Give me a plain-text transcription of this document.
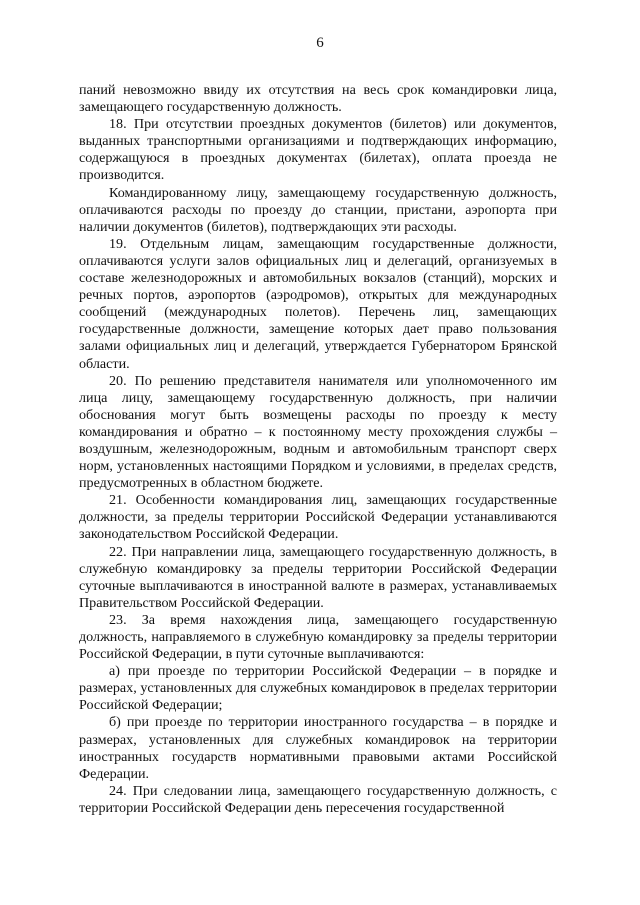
6

паний невозможно ввиду их отсутствия на весь срок командировки лица, замещающего государственную должность.

18. При отсутствии проездных документов (билетов) или документов, выданных транспортными организациями и подтверждающих информацию, содержащуюся в проездных документах (билетах), оплата проезда не производится.

Командированному лицу, замещающему государственную должность, оплачиваются расходы по проезду до станции, пристани, аэропорта при наличии документов (билетов), подтверждающих эти расходы.

19. Отдельным лицам, замещающим государственные должности, оплачиваются услуги залов официальных лиц и делегаций, организуемых в составе железнодорожных и автомобильных вокзалов (станций), морских и речных портов, аэропортов (аэродромов), открытых для международных сообщений (международных полетов). Перечень лиц, замещающих государственные должности, замещение которых дает право пользования залами официальных лиц и делегаций, утверждается Губернатором Брянской области.

20. По решению представителя нанимателя или уполномоченного им лица лицу, замещающему государственную должность, при наличии обоснования могут быть возмещены расходы по проезду к месту командирования и обратно – к постоянному месту прохождения службы – воздушным, железнодорожным, водным и автомобильным транспорт сверх норм, установленных настоящими Порядком и условиями, в пределах средств, предусмотренных в областном бюджете.

21. Особенности командирования лиц, замещающих государственные должности, за пределы территории Российской Федерации устанавливаются законодательством Российской Федерации.

22. При направлении лица, замещающего государственную должность, в служебную командировку за пределы территории Российской Федерации суточные выплачиваются в иностранной валюте в размерах, устанавливаемых Правительством Российской Федерации.

23. За время нахождения лица, замещающего государственную должность, направляемого в служебную командировку за пределы территории Российской Федерации, в пути суточные выплачиваются:

а) при проезде по территории Российской Федерации – в порядке и размерах, установленных для служебных командировок в пределах территории Российской Федерации;

б) при проезде по территории иностранного государства – в порядке и размерах, установленных для служебных командировок на территории иностранных государств нормативными правовыми актами Российской Федерации.

24. При следовании лица, замещающего государственную должность, с территории Российской Федерации день пересечения государственной
